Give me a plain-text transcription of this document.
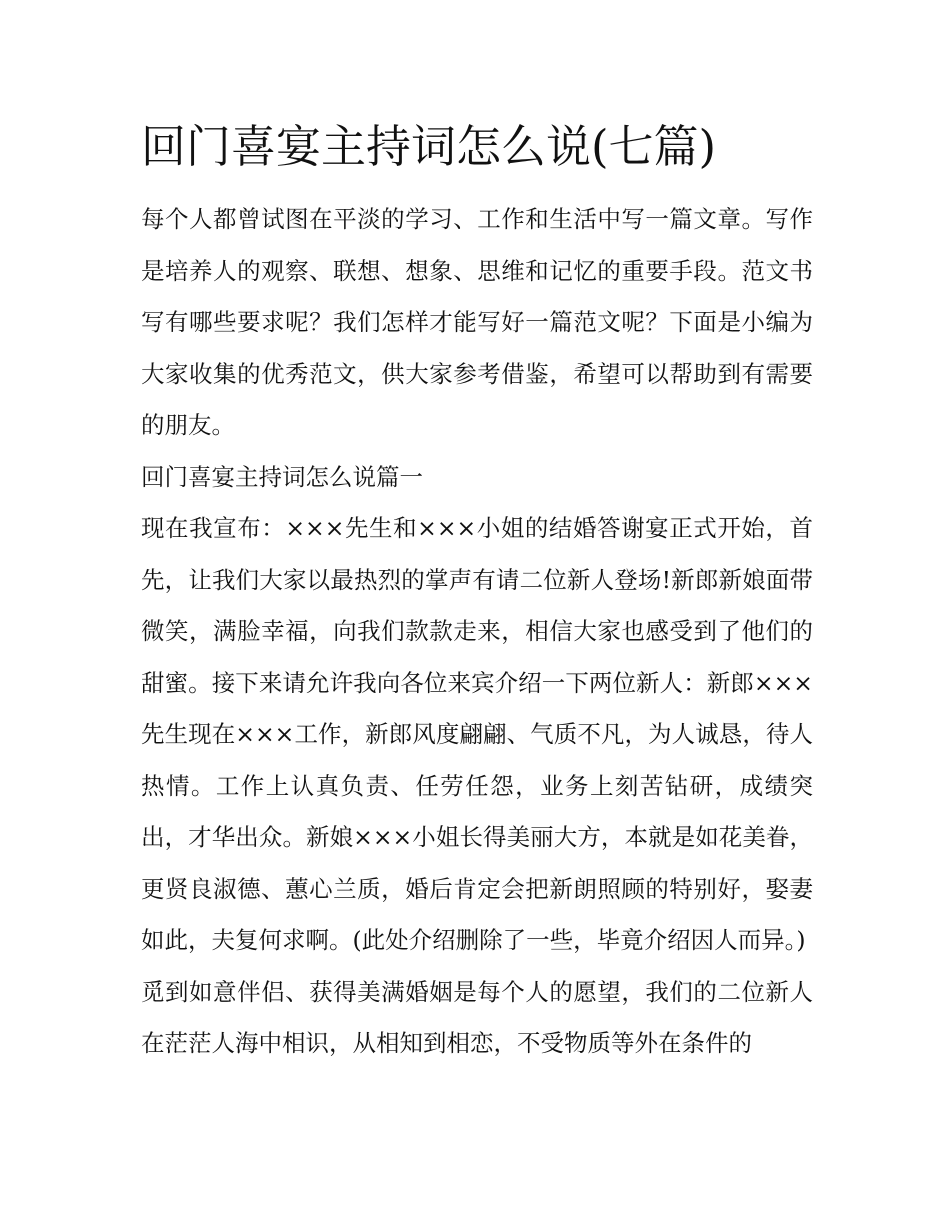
回门喜宴主持词怎么说(七篇)

每个人都曾试图在平淡的学习、工作和生活中写一篇文章。写作是培养人的观察、联想、想象、思维和记忆的重要手段。范文书写有哪些要求呢？我们怎样才能写好一篇范文呢？下面是小编为大家收集的优秀范文，供大家参考借鉴，希望可以帮助到有需要的朋友。

回门喜宴主持词怎么说篇一

现在我宣布：×××先生和×××小姐的结婚答谢宴正式开始，首先，让我们大家以最热烈的掌声有请二位新人登场!新郎新娘面带微笑，满脸幸福，向我们款款走来，相信大家也感受到了他们的甜蜜。接下来请允许我向各位来宾介绍一下两位新人：新郎×××先生现在×××工作，新郎风度翩翩、气质不凡，为人诚恳，待人热情。工作上认真负责、任劳任怨，业务上刻苦钻研，成绩突出，才华出众。新娘×××小姐长得美丽大方，本就是如花美眷，更贤良淑德、蕙心兰质，婚后肯定会把新朗照顾的特别好，娶妻如此，夫复何求啊。(此处介绍删除了一些，毕竟介绍因人而异。)

觅到如意伴侣、获得美满婚姻是每个人的愿望，我们的二位新人在茫茫人海中相识，从相知到相恋，不受物质等外在条件的
